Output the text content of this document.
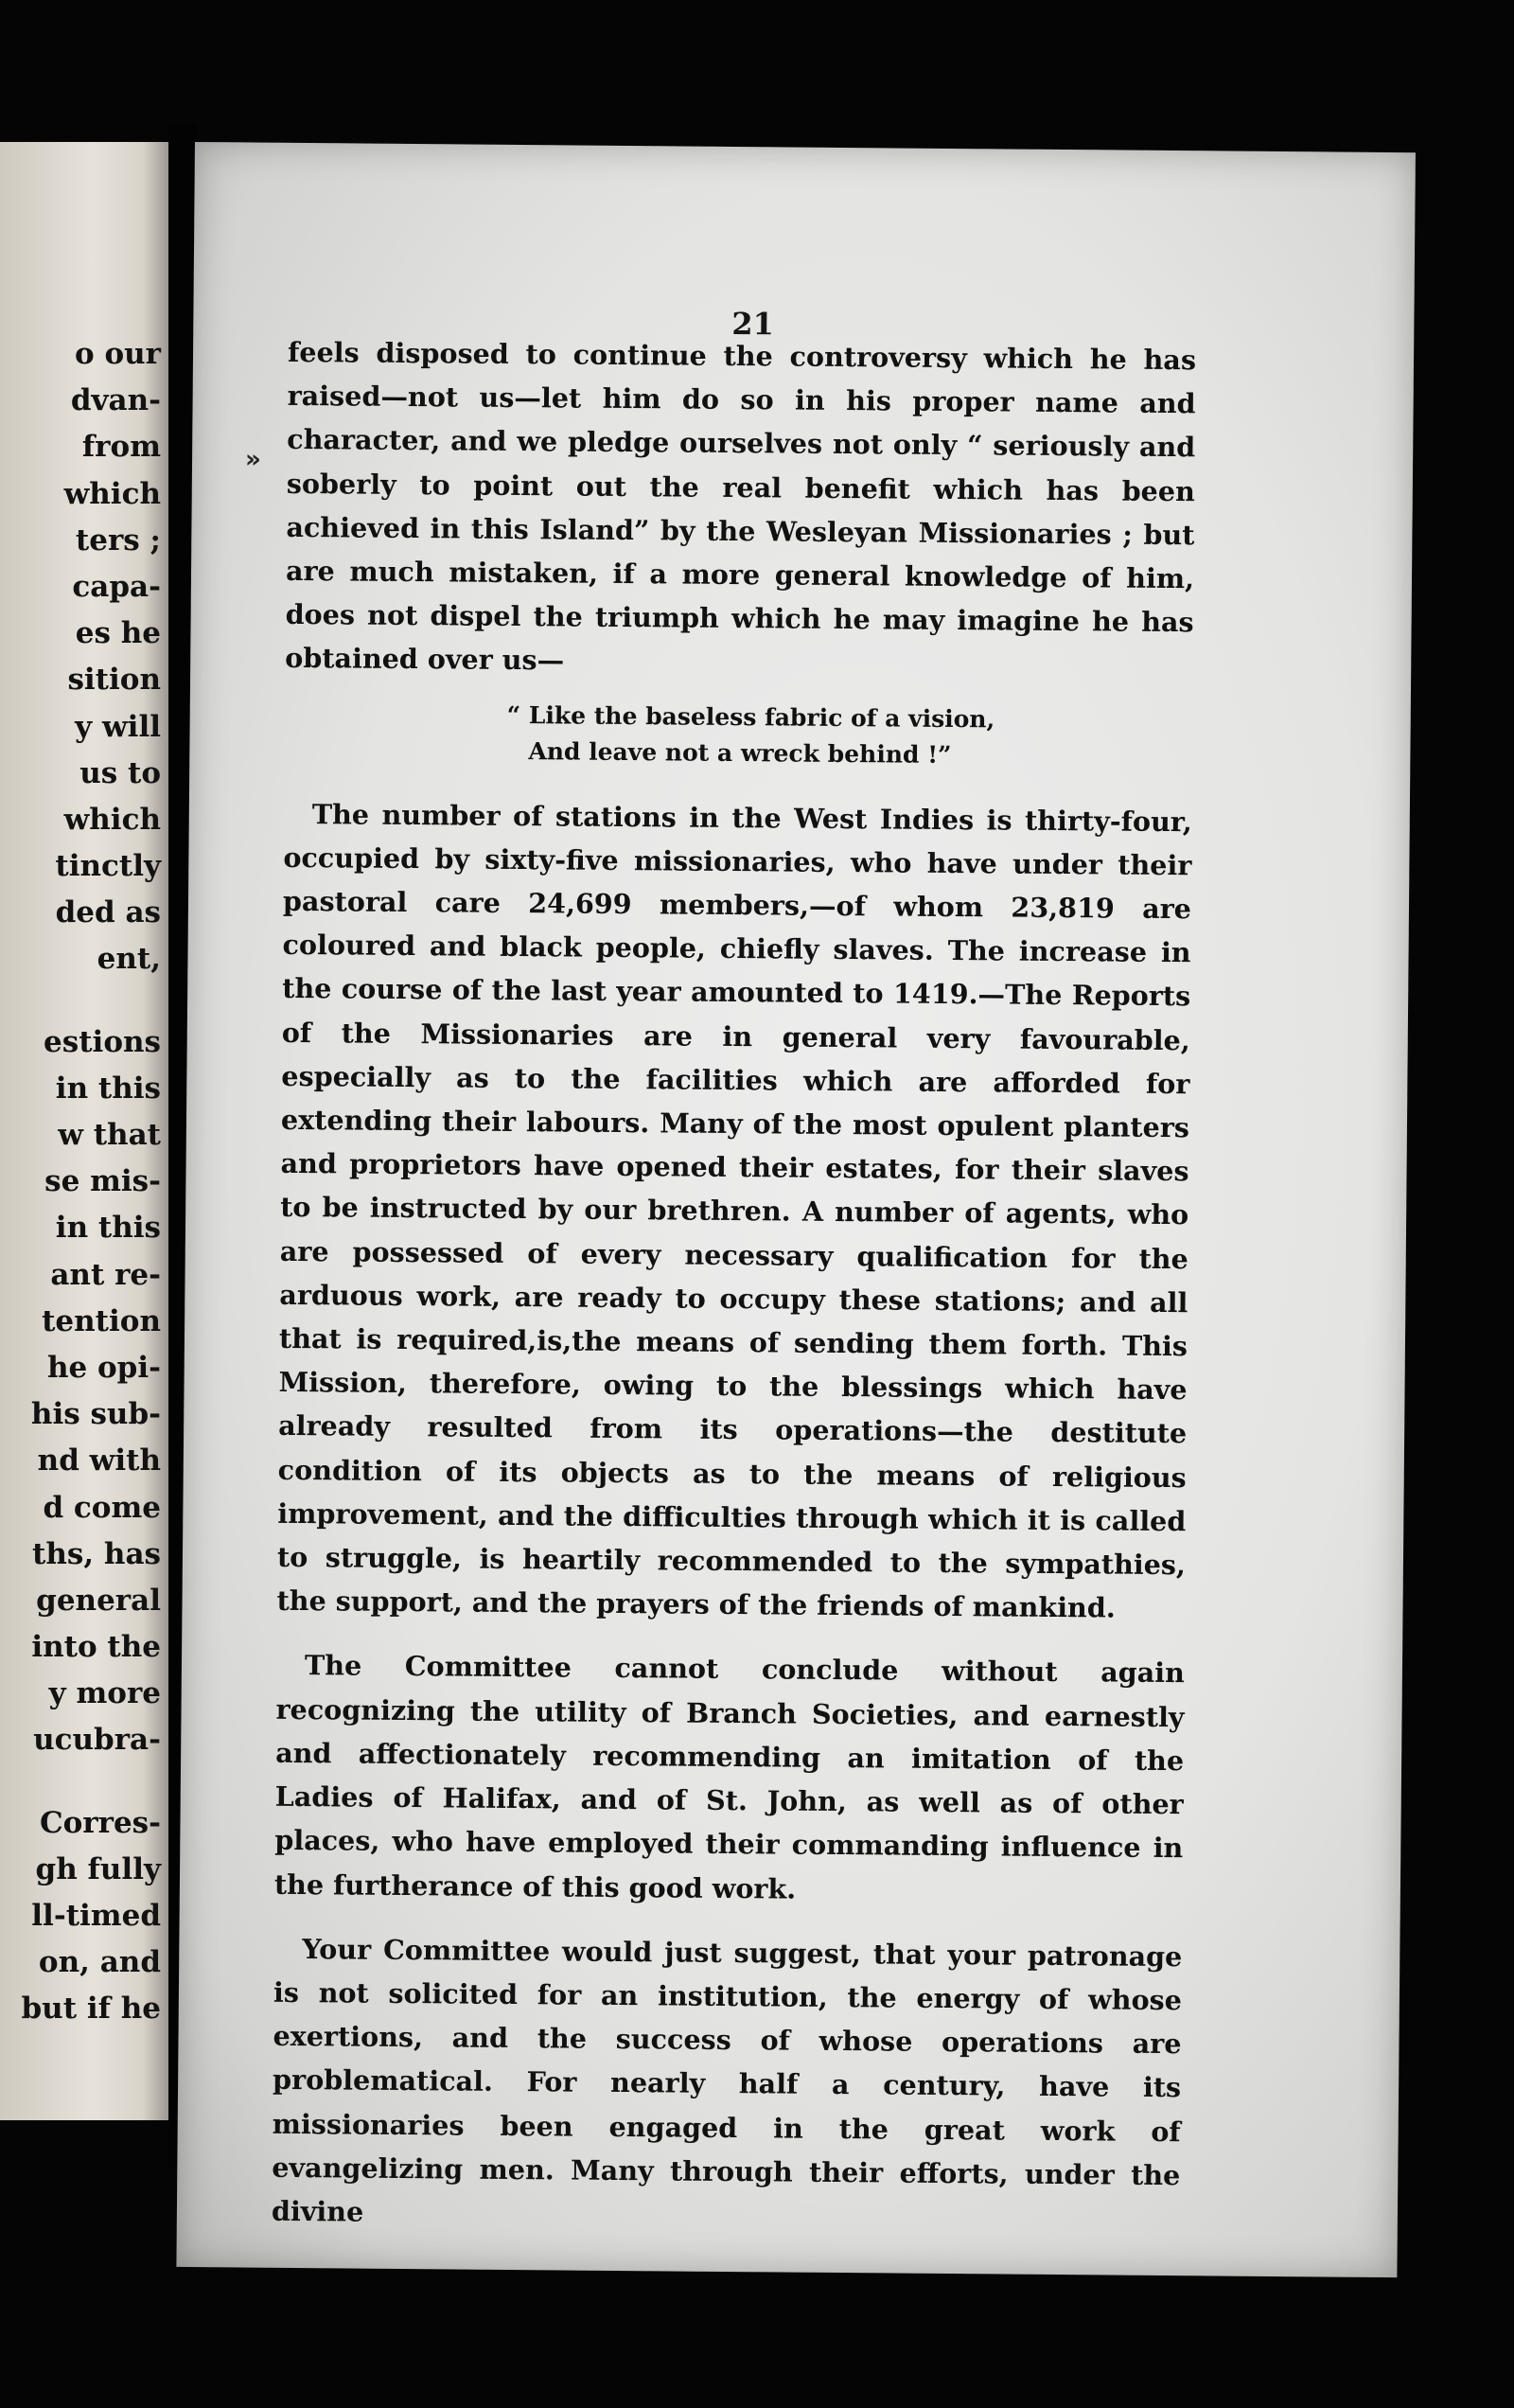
o our
dvan-
from
which
ters ;
capa-
es he
sition
y will
us to
which
tinctly
ded as
ent,
estions
in this
w that
se mis-
in this
ant re-
tention
he opi-
his sub-
nd with
d come
ths, has
general
into the
y more
ucubra-
Corres-
gh fully
ll-timed
on, and
but if he
21
»

feels disposed to continue the controversy which he has raised—not us—let him do so in his proper name and character, and we pledge ourselves not only “ seriously and soberly to point out the real benefit which has been achieved in this Island” by the Wesleyan Missionaries ; but are much mistaken, if a more general knowledge of him, does not dispel the triumph which he may imagine he has obtained over us—

“ Like the baseless fabric of a vision,
And leave not a wreck behind !”

The number of stations in the West Indies is thirty-four, occupied by sixty-five missionaries, who have under their pastoral care 24,699 members,—of whom 23,819 are coloured and black people, chiefly slaves. The increase in the course of the last year amounted to 1419.—The Reports of the Missionaries are in general very favourable, especially as to the facilities which are afforded for extending their labours. Many of the most opulent planters and proprietors have opened their estates, for their slaves to be instructed by our brethren. A number of agents, who are possessed of every necessary qualification for the arduous work, are ready to occupy these stations; and all that is required,is,the means of sending them forth. This Mission, therefore, owing to the blessings which have already resulted from its operations—the destitute condition of its objects as to the means of religious improvement, and the difficulties through which it is called to struggle, is heartily recommended to the sympathies, the support, and the prayers of the friends of mankind.

The Committee cannot conclude without again recognizing the utility of Branch Societies, and earnestly and affectionately recommending an imitation of the Ladies of Halifax, and of St. John, as well as of other places, who have employed their commanding influence in the furtherance of this good work.

Your Committee would just suggest, that your patronage is not solicited for an institution, the energy of whose exertions, and the success of whose operations are problematical. For nearly half a century, have its missionaries been engaged in the great work of evangelizing men. Many through their efforts, under the divine
